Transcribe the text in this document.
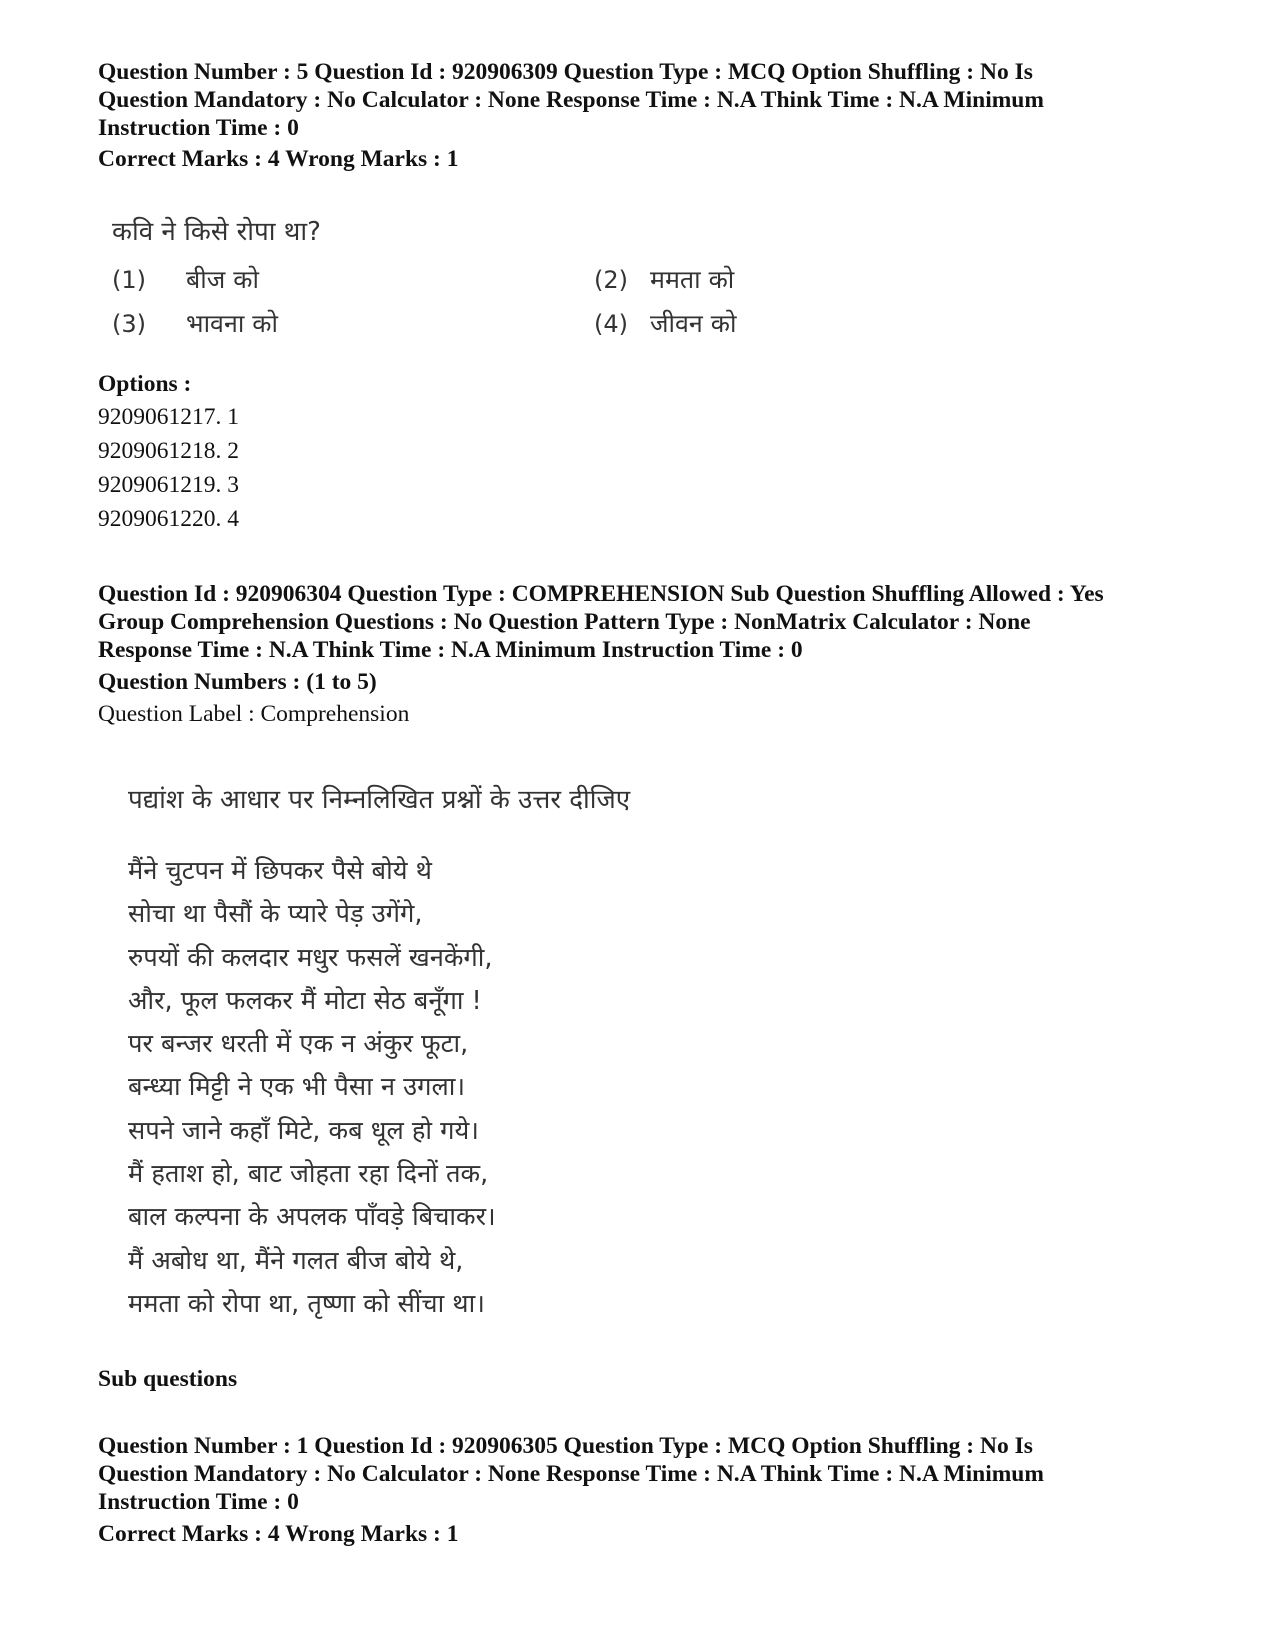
Question Number : 5 Question Id : 920906309 Question Type : MCQ Option Shuffling : No Is
Question Mandatory : No Calculator : None Response Time : N.A Think Time : N.A Minimum
Instruction Time : 0
Correct Marks : 4 Wrong Marks : 1
कवि ने किसे रोपा था?
(1) बीज को	(2) ममता को
(3) भावना को	(4) जीवन को
Options :
9209061217. 1
9209061218. 2
9209061219. 3
9209061220. 4
Question Id : 920906304 Question Type : COMPREHENSION Sub Question Shuffling Allowed : Yes
Group Comprehension Questions : No Question Pattern Type : NonMatrix Calculator : None
Response Time : N.A Think Time : N.A Minimum Instruction Time : 0
Question Numbers : (1 to 5)
Question Label : Comprehension
पद्यांश के आधार पर निम्नलिखित प्रश्नों के उत्तर दीजिए
मैंने चुटपन में छिपकर पैसे बोये थे
सोचा था पैसौं के प्यारे पेड़ उगेंगे,
रुपयों की कलदार मधुर फसलें खनकेंगी,
और, फूल फलकर मैं मोटा सेठ बनूँगा !
पर बन्जर धरती में एक न अंकुर फूटा,
बन्ध्या मिट्टी ने एक भी पैसा न उगला।
सपने जाने कहाँ मिटे, कब धूल हो गये।
मैं हताश हो, बाट जोहता रहा दिनों तक,
बाल कल्पना के अपलक पाँवड़े बिचाकर।
मैं अबोध था, मैंने गलत बीज बोये थे,
ममता को रोपा था, तृष्णा को सींचा था।
Sub questions
Question Number : 1 Question Id : 920906305 Question Type : MCQ Option Shuffling : No Is
Question Mandatory : No Calculator : None Response Time : N.A Think Time : N.A Minimum
Instruction Time : 0
Correct Marks : 4 Wrong Marks : 1
